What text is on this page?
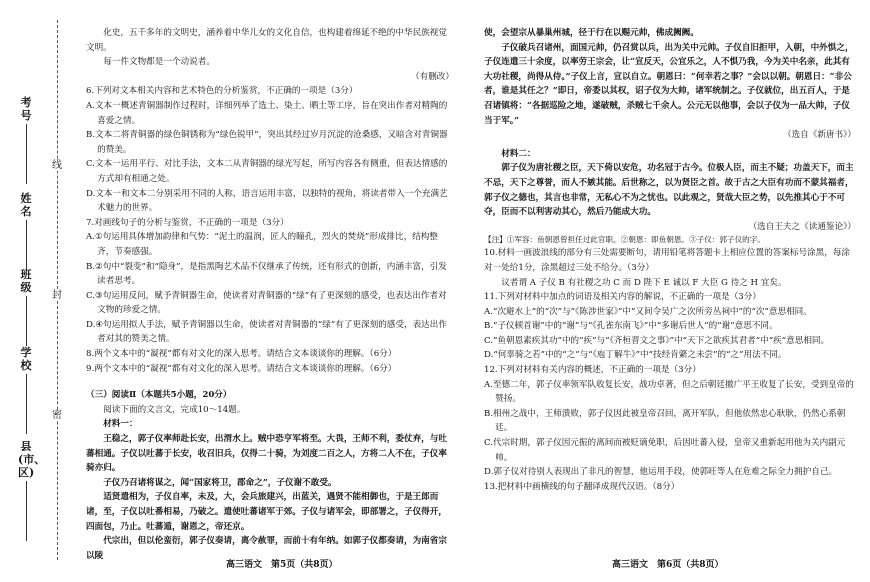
线
封
密
考号
姓名
班级
学校
县(市、区)

化史，五千多年的文明史，涵养着中华儿女的文化自信，也构建着绵延不绝的中华民族视觉文明。

每一件文物都是一个动说者。

（有删改）

6.下列对文本相关内容和艺术特色的分析鉴赏，不正确的一项是（3分）

A.文本一概述青铜器制作过程时，详细列举了选土、染土、晒土等工序，旨在突出作者对精陶的喜爱之情。

B.文本二将青铜器的绿色铜锈称为“绿色锐甲”，突出其经过岁月沉淀的沧桑感，又暗含对青铜器的赞美。

C.文本一运用平行、对比手法，文本二从青铜器的绿光写起，所写内容各有侧重，但表达情感的方式却有相通之处。

D.文本一和文本二分别采用不同的人称，语言运用丰富，以独特的视角，将读者带入一个充满艺术魅力的世界。

7.对画线句子的分析与鉴赏，不正确的一项是（3分）

A.①句运用具体增加韵律和气势：“泥土的温润，匠人的瞳孔，烈火的焚烧”形成排比，结构整齐，节奏感强。

B.②句中“裂变”和“隐身”，是指黑陶艺术品不仅继承了传统，还有形式的创新，内涵丰富，引发读者思考。

C.③句运用反问，赋予青铜器生命，使读者对青铜器的“绿”有了更深刻的感受，也表达出作者对文物的珍爱之情。

D.④句运用拟人手法，赋予青铜器以生命，使读者对青铜器的“绿”有了更深刻的感受，表达出作者对其的赞美之情。

8.两个文本中的“凝视”都有对文化的深入思考。请结合文本谈谈你的理解。（6分）

9.两个文本中的“凝视”都有对文化的深入思考。请结合文本谈谈你的理解。（6分）

（三）阅读Ⅱ（本题共5小题，20分）

阅读下面的文言文，完成10～14题。

材料一：

王稳之，郭子仪率师赴长安，出渭水上。贼中恐亨军将至。大畏，王师不利，委仗弃，与吐蕃相通。子仪以吐蕃于长安，收召旧兵，仅得二十骑，为刘度二百之人，方将二人不在，子仪率骑亦归。

子仪乃召诸将谋之，闻“国家将卫，郡命之”，子仪谢不敢受。

适贤遣相为，子仪自率，未及，大，会兵旅建兴，出蓝关，遇贤不能相御也，于是王郎而诸，至，子仪以吐番相易，乃破之。遣使吐蕃诸军于郊。子仪与诸军会，即部署之，子仪得开，四面包，乃止。吐蕃遁，谢恩之，帝还京。

代宗出，但以伦蛮衍，郭子仪奏请，离令赦罪，而前十有年纳。如郭子仪都奏请，为南省宗以陵

使，会望宗从暴巢州城，径于行在以赐元帅，佛成阙阙。

子仪破兵召诸州，面国元帅，仍召赏以兵，出为关中元帅。子仪自旧拒甲，入朝，中外惧之，子仪连遣三十余度，以率劳王宗会，让“宣反天，公宜乐之，人不惧乃我，今为关中名亲，此其有大功社稷，尚得从侍。”子仪上言，宣以自立。朝恩曰：“何幸若之事？”会以以朝。朝恩日：“非公者，谁是其任之？”即日，帝委以其权，诏子仪为大帅，诸军统制之。子仪就位，出五百人，于是召诸镇将：“各据巡险之地，遂破贼，杀贼七千余人。公元无以他事，会以子仪为一品大帅，子仪当于军。”

（选自《新唐书》）

材料二：

郭子仪为唐社稷之臣，天下倚以安危，功名冠于古今。位极人臣，而主不疑；功盖天下，而主不忌，天下之尊誉，而人不嫉其能。后世称之，以为贤臣之首。故于古之大臣有功而不蒙其福者，郭子仪之德也，其言也非常，无私心不为之忧也。以此观之，贤哉大臣之势，以先推其心于不可夺，臣而不以利害动其心，然后乃能成大功。

（选自王夫之《读通鉴论》）

【注】①军容：鱼朝恩曾担任过此官职。②朝恩：即鱼朝恩。③子仪：郭子仪的字。

10.材料一画波浪线的部分有三处需要断句，请用铅笔将答题卡上相应位置的答案标号涂黑，每涂对一处给1分，涂黑超过三处不给分。（3分）

议者谓 A 子仪 B 有社稷之功 C 而 D 陛下 E 诚以 F 大臣 G 待之 H 宜矣。

11.下列对材料中加点的词语及相关内容的解说，不正确的一项是（3分）

A.“次避水上”的“次”与“《陈涉世家》”中“又间令吴广之次所旁丛祠中”的“次”意思相同。

B.“子仪顿首谢”中的“谢”与“《孔雀东南飞》”中“多谢后世人”的“谢”意思不同。

C.“鱼朝恩素疾其功”中的“疾”与“《齐桓晋文之事》”中“天下之欲疾其君者”中“疾”意思相同。

D.“何辜骑之若”中的“之”与“《庖丁解牛》”中“技经肯綮之未尝”的“之”用法不同。

12.下列对材料有关内容的概述，不正确的一项是（3分）

A.至德二年，郭子仪率领军队收复长安，战功卓著，但之后朝廷撤广平王收复了长安，受到皇帝的赞扬。

B.相州之战中，王师溃败，郭子仪因此被皇帝召回，离开军队，但他依然忠心耿耿，仍然心系朝廷。

C.代宗时期，郭子仪因元振的离间而被贬谪免职，后因吐蕃入侵，皇帝又重新起用他为关内副元帅。

D.郭子仪对待别人表现出了非凡的智慧，他运用手段，使郭旺等人在危难之际全力拥护自己。

13.把材料中画横线的句子翻译成现代汉语。（8分）

高三语文　第5页（共8页）	高三语文　第6页（共8页）
